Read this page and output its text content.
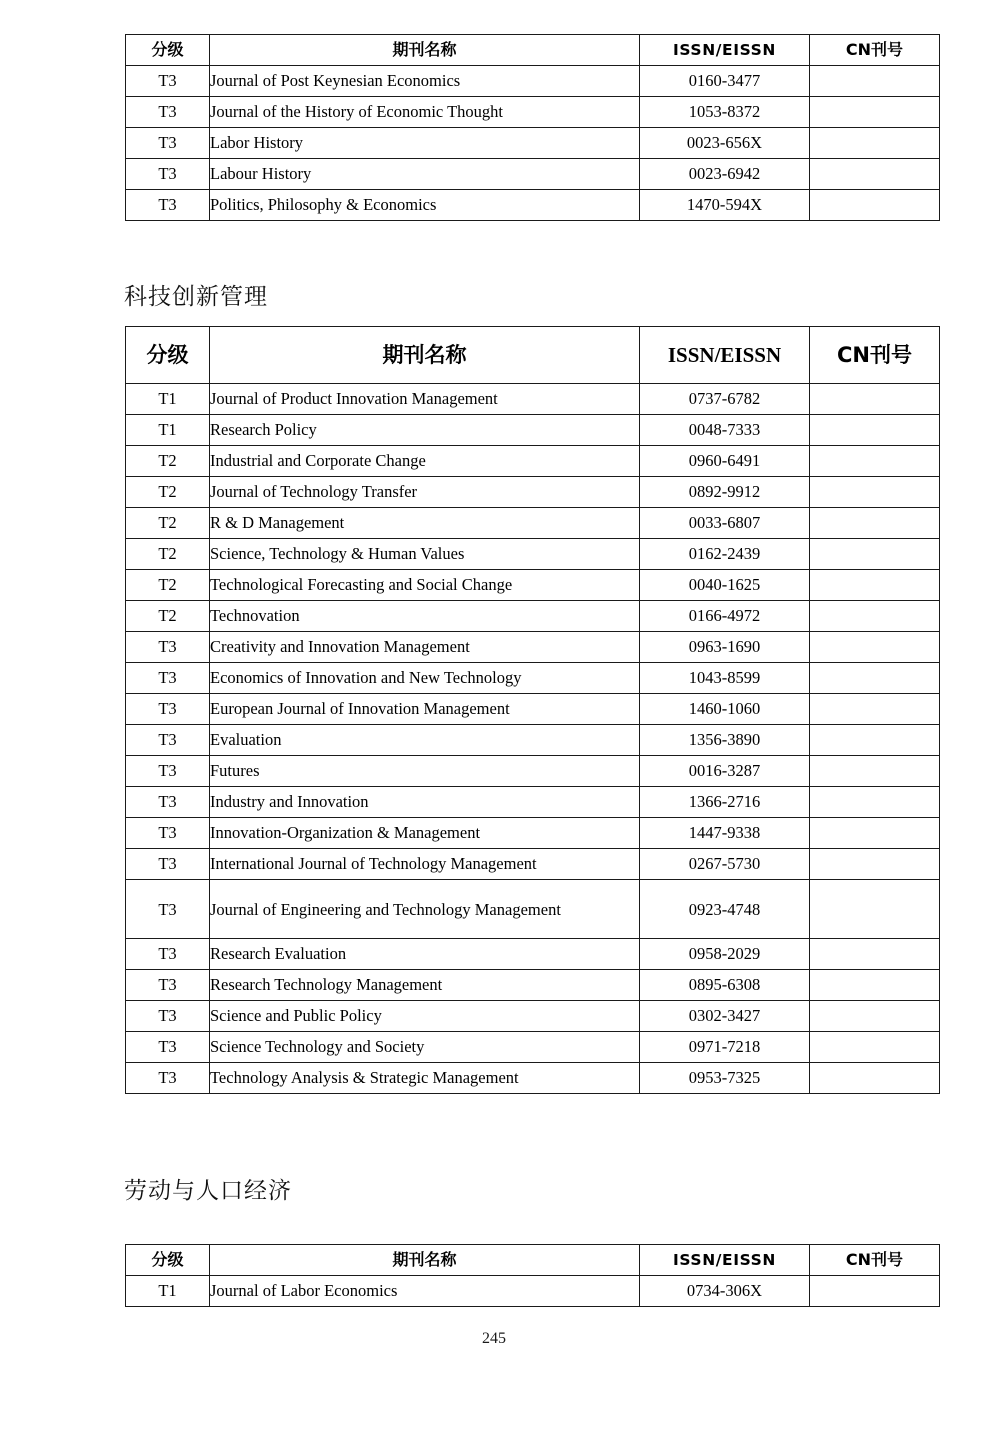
分级	期刊名称	ISSN/EISSN	CN刊号
T3	Journal of Post Keynesian Economics	0160-3477	
T3	Journal of the History of Economic Thought	1053-8372	
T3	Labor History	0023-656X	
T3	Labour History	0023-6942	
T3	Politics, Philosophy & Economics	1470-594X	
科技创新管理
分级	期刊名称	ISSN/EISSN	CN刊号
T1	Journal of Product Innovation Management	0737-6782	
T1	Research Policy	0048-7333	
T2	Industrial and Corporate Change	0960-6491	
T2	Journal of Technology Transfer	0892-9912	
T2	R & D Management	0033-6807	
T2	Science, Technology & Human Values	0162-2439	
T2	Technological Forecasting and Social Change	0040-1625	
T2	Technovation	0166-4972	
T3	Creativity and Innovation Management	0963-1690	
T3	Economics of Innovation and New Technology	1043-8599	
T3	European Journal of Innovation Management	1460-1060	
T3	Evaluation	1356-3890	
T3	Futures	0016-3287	
T3	Industry and Innovation	1366-2716	
T3	Innovation-Organization & Management	1447-9338	
T3	International Journal of Technology Management	0267-5730	
T3	Journal of Engineering and Technology Management	0923-4748	
T3	Research Evaluation	0958-2029	
T3	Research Technology Management	0895-6308	
T3	Science and Public Policy	0302-3427	
T3	Science Technology and Society	0971-7218	
T3	Technology Analysis & Strategic Management	0953-7325	
劳动与人口经济
分级	期刊名称	ISSN/EISSN	CN刊号
T1	Journal of Labor Economics	0734-306X	
245
